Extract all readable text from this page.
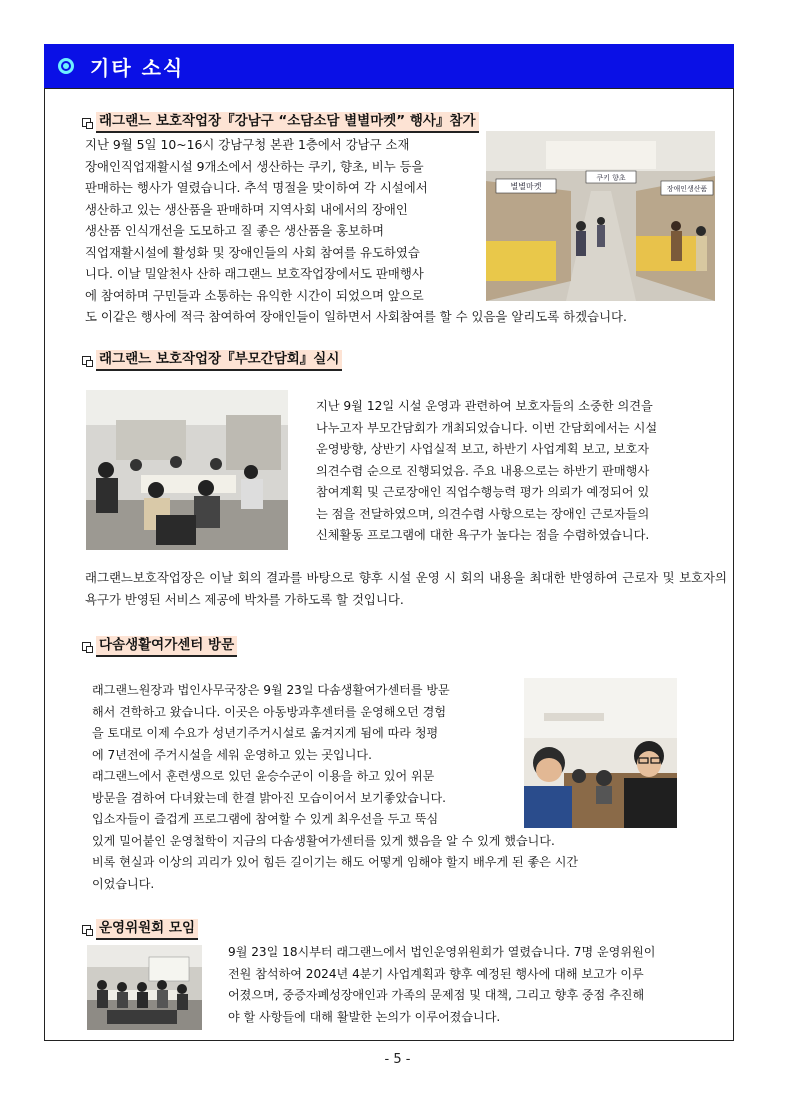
기타 소식
래그랜느 보호작업장『강남구 “소담소담 별별마켓” 행사』참가
지난 9월 5일 10~16시 강남구청 본관 1층에서 강남구 소재
장애인직업재활시설 9개소에서 생산하는 쿠키, 향초, 비누 등을
판매하는 행사가 열렸습니다. 추석 명절을 맞이하여 각 시설에서
생산하고 있는 생산품을 판매하며 지역사회 내에서의 장애인
생산품 인식개선을 도모하고 질 좋은 생산품을 홍보하며
직업재활시설에 활성화 및 장애인들의 사회 참여를 유도하였습
니다. 이날 밀알천사 산하 래그랜느 보호작업장에서도 판매행사
에 참여하며 구민들과 소통하는 유익한 시간이 되었으며 앞으로
도 이같은 행사에 적극 참여하여 장애인들이 일하면서 사회참여를 할 수 있음을 알리도록 하겠습니다.
별별마켓	장애인생산품
쿠키 향초
래그랜느 보호작업장『부모간담회』실시
지난 9월 12일 시설 운영과 관련하여 보호자들의 소중한 의견을
나누고자 부모간담회가 개최되었습니다. 이번 간담회에서는 시설
운영방향, 상반기 사업실적 보고, 하반기 사업계획 보고, 보호자
의견수렴 순으로 진행되었음. 주요 내용으로는 하반기 판매행사
참여계획 및 근로장애인 직업수행능력 평가 의뢰가 예정되어 있
는 점을 전달하였으며, 의견수렴 사항으로는 장애인 근로자들의
신체활동 프로그램에 대한 욕구가 높다는 점을 수렴하였습니다.
래그랜느보호작업장은 이날 회의 결과를 바탕으로 향후 시설 운영 시 회의 내용을 최대한 반영하여 근로자 및 보호자의 욕구가 반영된 서비스 제공에 박차를 가하도록 할 것입니다.
다솜생활여가센터 방문
래그랜느원장과 법인사무국장은 9월 23일 다솜생활여가센터를 방문
해서 견학하고 왔습니다. 이곳은 아동방과후센터를 운영해오던 경험
을 토대로 이제 수요가 성년기주거시설로 옮겨지게 됨에 따라 청평
에 7년전에 주거시설을 세워 운영하고 있는 곳입니다.
래그랜느에서 훈련생으로 있던 윤승수군이 이용을 하고 있어 위문
방문을 겸하여 다녀왔는데 한결 밝아진 모습이어서 보기좋았습니다.
입소자들이 즐겁게 프로그램에 참여할 수 있게 최우선을 두고 뚝심
있게 밀어붙인 운영철학이 지금의 다솜생활여가센터를 있게 했음을 알 수 있게 했습니다.
비록 현실과 이상의 괴리가 있어 힘든 길이기는 해도 어떻게 임해야 할지 배우게 된 좋은 시간
이었습니다.
운영위원회 모임
9월 23일 18시부터 래그랜느에서 법인운영위원회가 열렸습니다. 7명 운영위원이
전원 참석하여 2024년 4분기 사업계획과 향후 예정된 행사에 대해 보고가 이루
어졌으며, 중증자폐성장애인과 가족의 문제점 및 대책, 그리고 향후 중점 추진해
야 할 사항들에 대해 활발한 논의가 이루어졌습니다.
- 5 -
